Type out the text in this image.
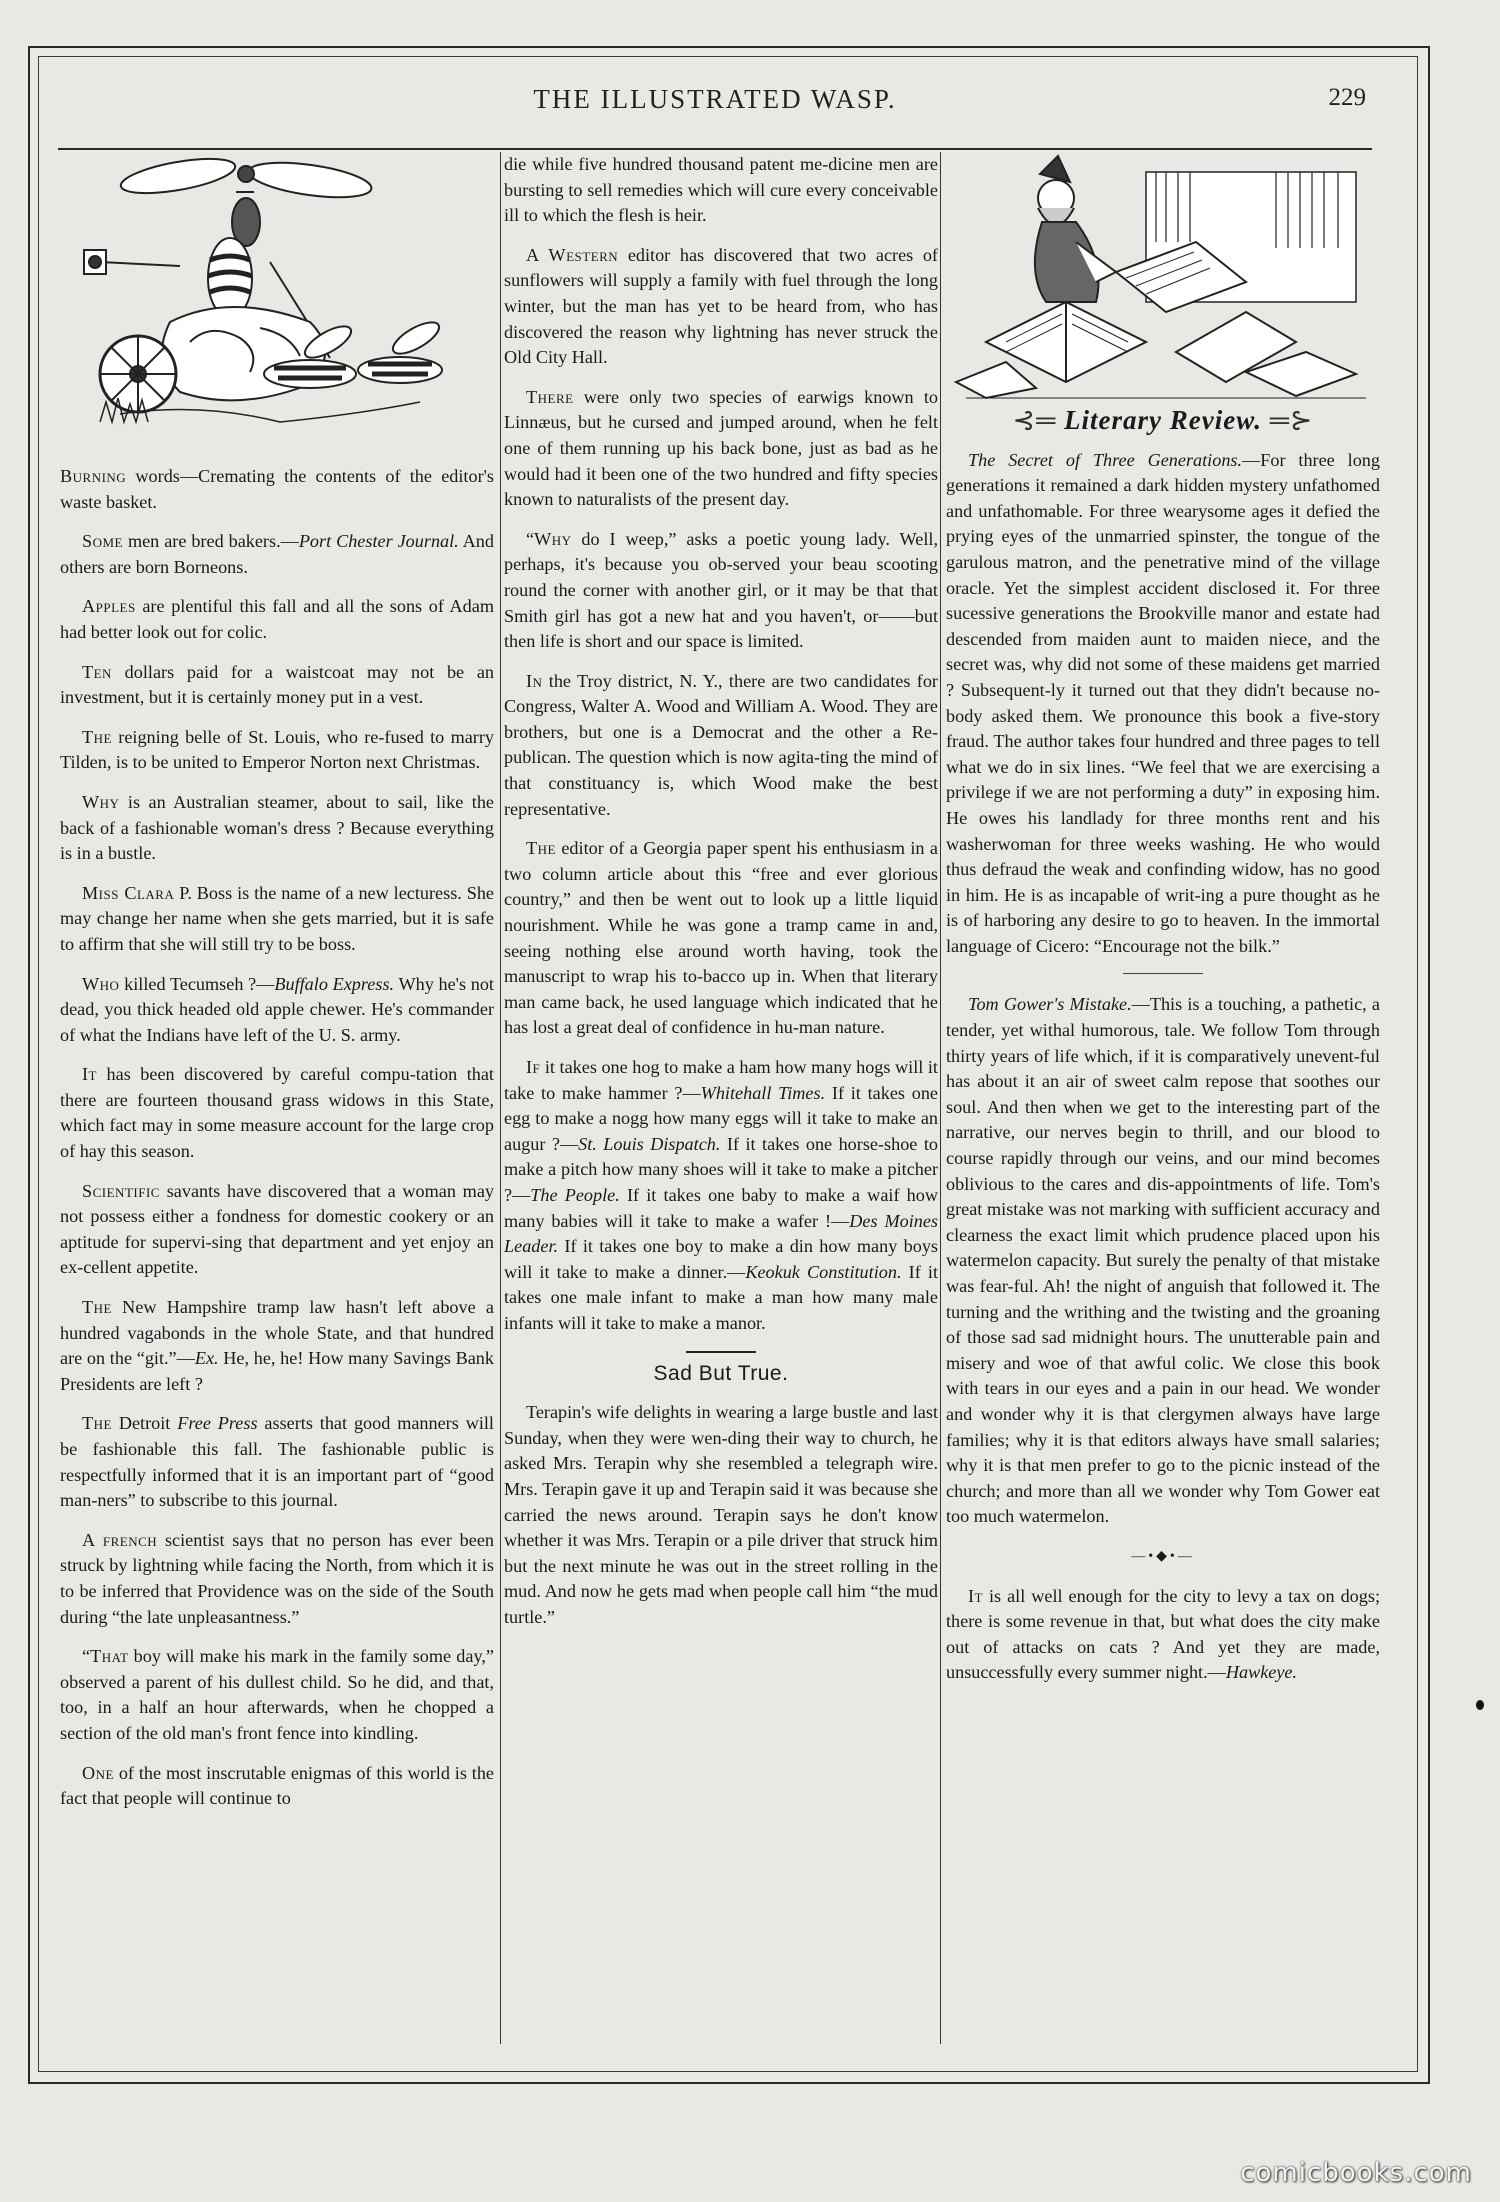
THE ILLUSTRATED WASP.	229

Burning words—Cremating the contents of the editor's waste basket.

Some men are bred bakers.—Port Chester Journal. And others are born Borneons.

Apples are plentiful this fall and all the sons of Adam had better look out for colic.

Ten dollars paid for a waistcoat may not be an investment, but it is certainly money put in a vest.

The reigning belle of St. Louis, who re-fused to marry Tilden, is to be united to Emperor Norton next Christmas.

Why is an Australian steamer, about to sail, like the back of a fashionable woman's dress ? Because everything is in a bustle.

Miss Clara P. Boss is the name of a new lecturess. She may change her name when she gets married, but it is safe to affirm that she will still try to be boss.

Who killed Tecumseh ?—Buffalo Express. Why he's not dead, you thick headed old apple chewer. He's commander of what the Indians have left of the U. S. army.

It has been discovered by careful compu-tation that there are fourteen thousand grass widows in this State, which fact may in some measure account for the large crop of hay this season.

Scientific savants have discovered that a woman may not possess either a fondness for domestic cookery or an aptitude for supervi-sing that department and yet enjoy an ex-cellent appetite.

The New Hampshire tramp law hasn't left above a hundred vagabonds in the whole State, and that hundred are on the “git.”—Ex. He, he, he! How many Savings Bank Presidents are left ?

The Detroit Free Press asserts that good manners will be fashionable this fall. The fashionable public is respectfully informed that it is an important part of “good man-ners” to subscribe to this journal.

A french scientist says that no person has ever been struck by lightning while facing the North, from which it is to be inferred that Providence was on the side of the South during “the late unpleasantness.”

“That boy will make his mark in the family some day,” observed a parent of his dullest child. So he did, and that, too, in a half an hour afterwards, when he chopped a section of the old man's front fence into kindling.

One of the most inscrutable enigmas of this world is the fact that people will continue to

die while five hundred thousand patent me-dicine men are bursting to sell remedies which will cure every conceivable ill to which the flesh is heir.

A Western editor has discovered that two acres of sunflowers will supply a family with fuel through the long winter, but the man has yet to be heard from, who has discovered the reason why lightning has never struck the Old City Hall.

There were only two species of earwigs known to Linnæus, but he cursed and jumped around, when he felt one of them running up his back bone, just as bad as he would had it been one of the two hundred and fifty species known to naturalists of the present day.

“Why do I weep,” asks a poetic young lady. Well, perhaps, it's because you ob-served your beau scooting round the corner with another girl, or it may be that that Smith girl has got a new hat and you haven't, or——but then life is short and our space is limited.

In the Troy district, N. Y., there are two candidates for Congress, Walter A. Wood and William A. Wood. They are brothers, but one is a Democrat and the other a Re-publican. The question which is now agita-ting the mind of that constituancy is, which Wood make the best representative.

The editor of a Georgia paper spent his enthusiasm in a two column article about this “free and ever glorious country,” and then be went out to look up a little liquid nourishment. While he was gone a tramp came in and, seeing nothing else around worth having, took the manuscript to wrap his to-bacco up in. When that literary man came back, he used language which indicated that he has lost a great deal of confidence in hu-man nature.

If it takes one hog to make a ham how many hogs will it take to make hammer ?—Whitehall Times. If it takes one egg to make a nogg how many eggs will it take to make an augur ?—St. Louis Dispatch. If it takes one horse-shoe to make a pitch how many shoes will it take to make a pitcher ?—The People. If it takes one baby to make a waif how many babies will it take to make a wafer !—Des Moines Leader. If it takes one boy to make a din how many boys will it take to make a dinner.—Keokuk Constitution. If it takes one male infant to make a man how many male infants will it take to make a manor.

Sad But True.

Terapin's wife delights in wearing a large bustle and last Sunday, when they were wen-ding their way to church, he asked Mrs. Terapin why she resembled a telegraph wire. Mrs. Terapin gave it up and Terapin said it was because she carried the news around. Terapin says he don't know whether it was Mrs. Terapin or a pile driver that struck him but the next minute he was out in the street rolling in the mud. And now he gets mad when people call him “the mud turtle.”

⊰═ Literary Review. ═⊱

The Secret of Three Generations.—For three long generations it remained a dark hidden mystery unfathomed and unfathomable. For three wearysome ages it defied the prying eyes of the unmarried spinster, the tongue of the garulous matron, and the penetrative mind of the village oracle. Yet the simplest accident disclosed it. For three sucessive generations the Brookville manor and estate had descended from maiden aunt to maiden niece, and the secret was, why did not some of these maidens get married ? Subsequent-ly it turned out that they didn't because no-body asked them. We pronounce this book a five-story fraud. The author takes four hundred and three pages to tell what we do in six lines. “We feel that we are exercising a privilege if we are not performing a duty” in exposing him. He owes his landlady for three months rent and his washerwoman for three weeks washing. He who would thus defraud the weak and confinding widow, has no good in him. He is as incapable of writ-ing a pure thought as he is of harboring any desire to go to heaven. In the immortal language of Cicero: “Encourage not the bilk.”

Tom Gower's Mistake.—This is a touching, a pathetic, a tender, yet withal humorous, tale. We follow Tom through thirty years of life which, if it is comparatively unevent-ful has about it an air of sweet calm repose that soothes our soul. And then when we get to the interesting part of the narrative, our nerves begin to thrill, and our blood to course rapidly through our veins, and our mind becomes oblivious to the cares and dis-appointments of life. Tom's great mistake was not marking with sufficient accuracy and clearness the exact limit which prudence placed upon his watermelon capacity. But surely the penalty of that mistake was fear-ful. Ah! the night of anguish that followed it. The turning and the writhing and the twisting and the groaning of those sad sad midnight hours. The unutterable pain and misery and woe of that awful colic. We close this book with tears in our eyes and a pain in our head. We wonder and wonder why it is that clergymen always have large families; why it is that editors always have small salaries; why it is that men prefer to go to the picnic instead of the church; and more than all we wonder why Tom Gower eat too much watermelon.

―•◆•―

It is all well enough for the city to levy a tax on dogs; there is some revenue in that, but what does the city make out of attacks on cats ? And yet they are made, unsuccessfully every summer night.—Hawkeye.

comicbooks.com
